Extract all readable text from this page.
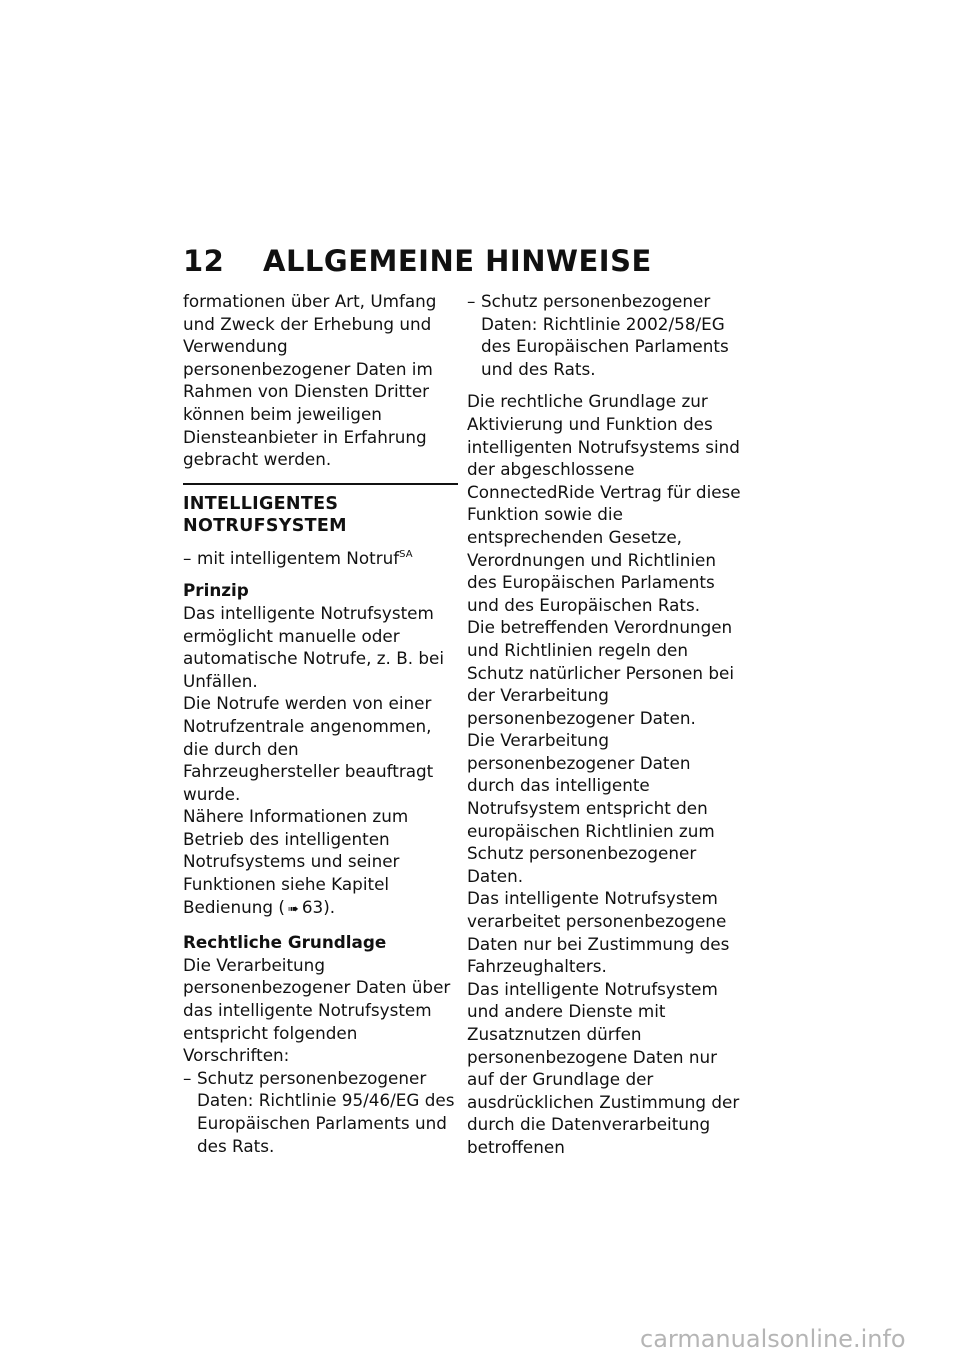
12 ALLGEMEINE HINWEISE

formationen über Art, Umfang und Zweck der Erhebung und Verwendung personenbezogener Daten im Rahmen von Diensten Dritter können beim jeweiligen Diensteanbieter in Erfahrung gebracht werden.

INTELLIGENTES NOTRUFSYSTEM
– mit intelligentem Notruf$^{SA}$

Prinzip

Das intelligente Notrufsystem ermöglicht manuelle oder automatische Notrufe, z. B. bei Unfällen.

Die Notrufe werden von einer Notrufzentrale angenommen, die durch den Fahrzeughersteller beauftragt wurde.

Nähere Informationen zum Betrieb des intelligenten Notrufsystems und seiner Funktionen siehe Kapitel Bedienung ( ➠ 63).

Rechtliche Grundlage

Die Verarbeitung personenbezogener Daten über das intelligente Notrufsystem entspricht folgenden Vorschriften:

– Schutz personenbezogener Daten: Richtlinie 95/46/EG des Europäischen Parlaments und des Rats.
– Schutz personenbezogener Daten: Richtlinie 2002/58/EG des Europäischen Parlaments und des Rats.

Die rechtliche Grundlage zur Aktivierung und Funktion des intelligenten Notrufsystems sind der abgeschlossene ConnectedRide Vertrag für diese Funktion sowie die entsprechenden Gesetze, Verordnungen und Richtlinien des Europäischen Parlaments und des Europäischen Rats.

Die betreffenden Verordnungen und Richtlinien regeln den Schutz natürlicher Personen bei der Verarbeitung personenbezogener Daten.

Die Verarbeitung personenbezogener Daten durch das intelligente Notrufsystem entspricht den europäischen Richtlinien zum Schutz personenbezogener Daten.

Das intelligente Notrufsystem verarbeitet personenbezogene Daten nur bei Zustimmung des Fahrzeughalters.

Das intelligente Notrufsystem und andere Dienste mit Zusatznutzen dürfen personenbezogene Daten nur auf der Grundlage der ausdrücklichen Zustimmung der durch die Datenverarbeitung betroffenen

carmanualsonline.info
